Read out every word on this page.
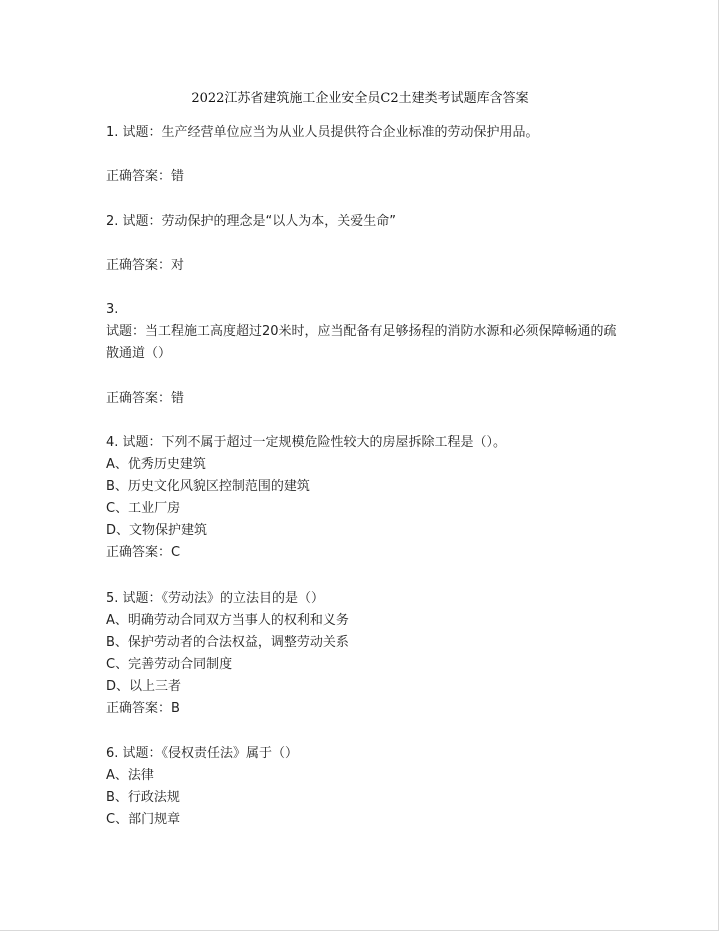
2022江苏省建筑施工企业安全员C2土建类考试题库含答案
1. 试题：生产经营单位应当为从业人员提供符合企业标准的劳动保护用品。
正确答案：错
2. 试题：劳动保护的理念是“以人为本，关爱生命”
正确答案：对
3.
试题：当工程施工高度超过20米时，应当配备有足够扬程的消防水源和必须保障畅通的疏散通道（）
正确答案：错
4. 试题：下列不属于超过一定规模危险性较大的房屋拆除工程是（）。
A、优秀历史建筑
B、历史文化风貌区控制范围的建筑
C、工业厂房
D、文物保护建筑
正确答案：C
5. 试题：《劳动法》的立法目的是（）
A、明确劳动合同双方当事人的权利和义务
B、保护劳动者的合法权益，调整劳动关系
C、完善劳动合同制度
D、以上三者
正确答案：B
6. 试题：《侵权责任法》属于（）
A、法律
B、行政法规
C、部门规章
